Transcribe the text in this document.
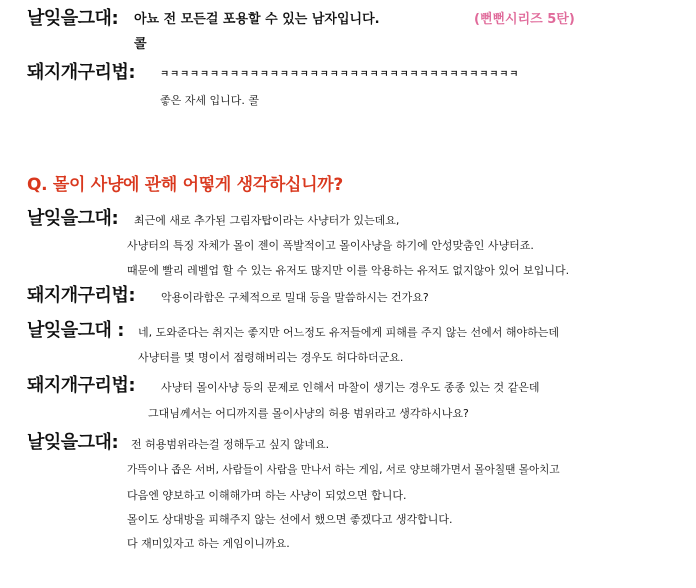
날잊을그대: 아뇨 전 모든걸 포용할 수 있는 남자입니다.	(뻔뻔시리즈 5탄)
콜
돼지개구리법:	ㅋㅋㅋㅋㅋㅋㅋㅋㅋㅋㅋㅋㅋㅋㅋㅋㅋㅋㅋㅋㅋㅋㅋㅋㅋㅋㅋㅋㅋㅋㅋㅋㅋㅋㅋㅋ
좋은 자세 입니다. 콜
Q. 몰이 사냥에 관해 어떻게 생각하십니까?
날잊을그대: 최근에 새로 추가된 그림자탑이라는 사냥터가 있는데요,
사냥터의 특징 자체가 몰이 젠이 폭발적이고 몰이사냥을 하기에 안성맞춤인 사냥터죠.
때문에 빨리 레벨업 할 수 있는 유저도 많지만 이를 악용하는 유저도 없지않아 있어 보입니다.
돼지개구리법: 악용이라함은 구체적으로 밀대 등을 말씀하시는 건가요?
날잊을그대 : 네, 도와준다는 취지는 좋지만 어느정도 유저들에게 피해를 주지 않는 선에서 해야하는데
사냥터를 몇 명이서 점령해버리는 경우도 허다하더군요.
돼지개구리법: 사냥터 몰이사냥 등의 문제로 인해서 마찰이 생기는 경우도 종종 있는 것 같은데
그대님께서는 어디까지를 몰이사냥의 허용 범위라고 생각하시나요?
날잊을그대: 전 허용범위라는걸 정해두고 싶지 않네요.
가뜩이나 좁은 서버, 사람들이 사람을 만나서 하는 게임, 서로 양보해가면서 몰아칠땐 몰아치고
다음엔 양보하고 이해해가며 하는 사냥이 되었으면 합니다.
몰이도 상대방을 피해주지 않는 선에서 했으면 좋겠다고 생각합니다.
다 재미있자고 하는 게임이니까요.
